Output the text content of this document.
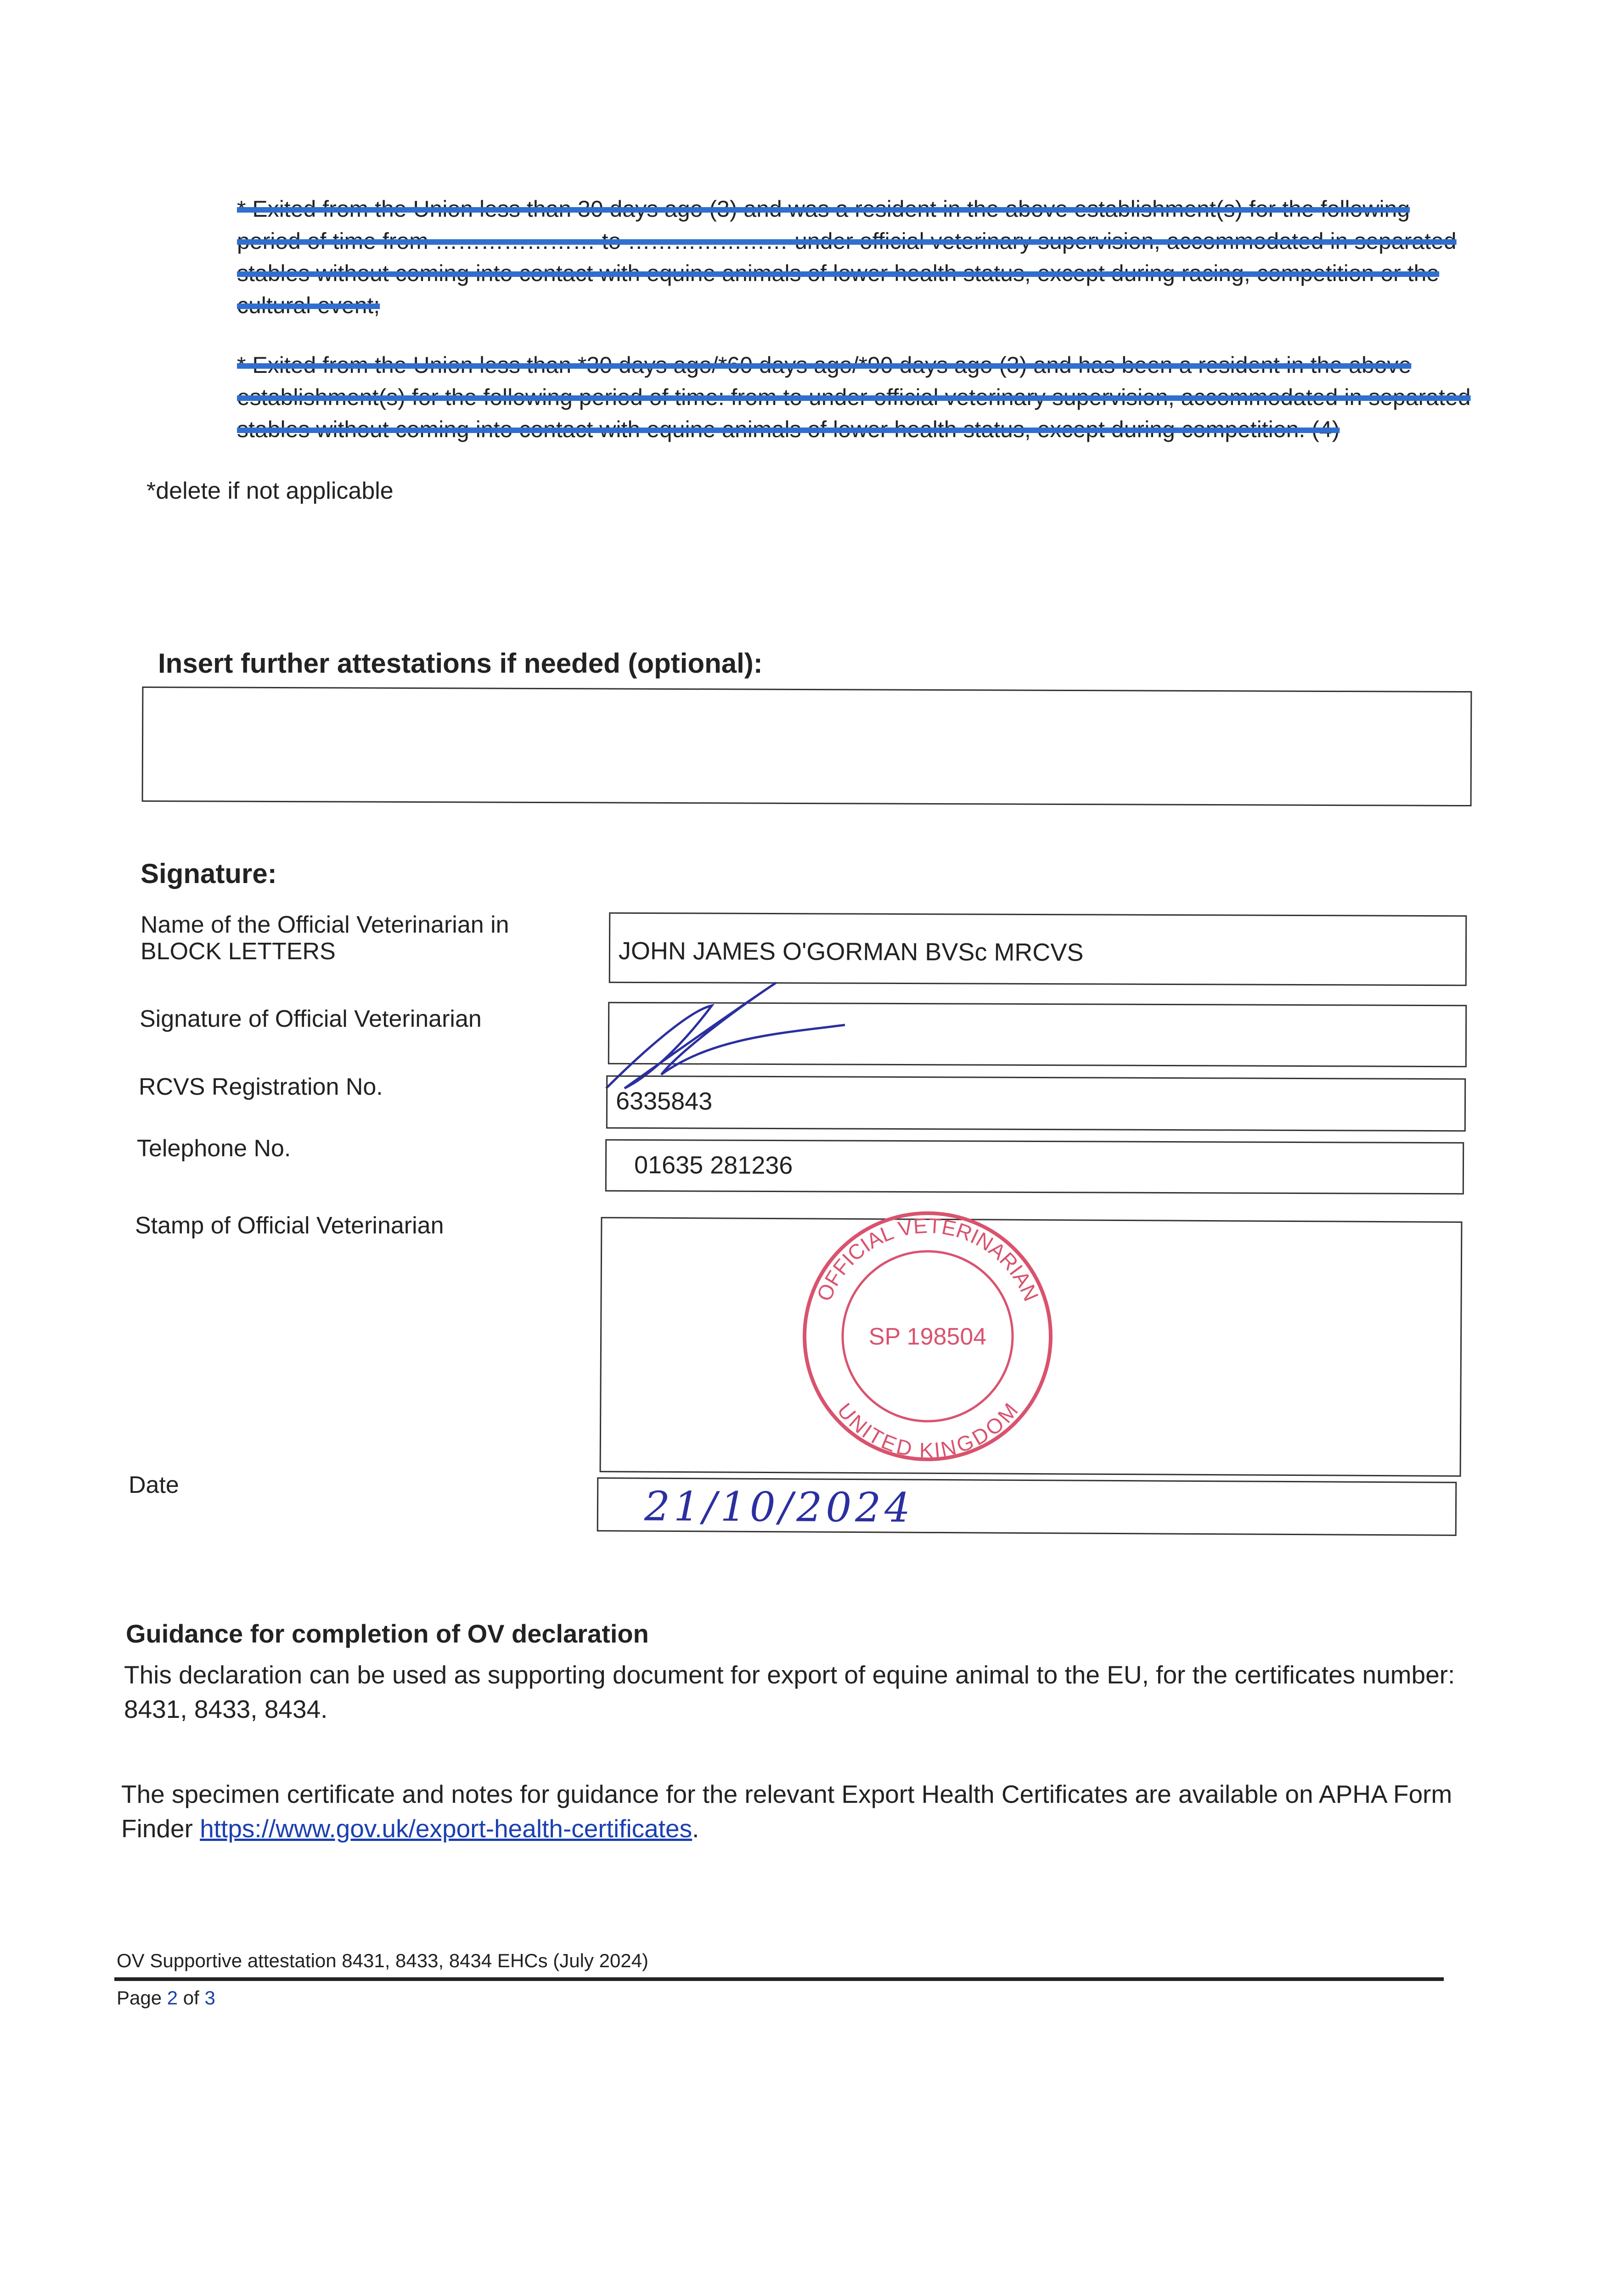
* Exited from the Union less than 30 days ago (3) and was a resident in the above establishment(s) for the following period of time from ………………… to ………………… under official veterinary supervision, accommodated in separated stables without coming into contact with equine animals of lower health status, except during racing, competition or the cultural event;

* Exited from the Union less than *30 days ago/*60 days ago/*90 days ago (3) and has been a resident in the above establishment(s) for the following period of time: from to under official veterinary supervision, accommodated in separated stables without coming into contact with equine animals of lower health status, except during competition. (4)

*delete if not applicable
Insert further attestations if needed (optional):
Signature:
Name of the Official Veterinarian in BLOCK LETTERS	JOHN JAMES O'GORMAN BVSc MRCVS
Signature of Official Veterinarian
RCVS Registration No.
6335843
Telephone No.
01635 281236
Stamp of Official Veterinarian
OFFICIAL VETERINARIAN
UNITED KINGDOM
SP 198504
Date	21/10/2024
Guidance for completion of OV declaration
This declaration can be used as supporting document for export of equine animal to the EU, for the certificates number: 8431, 8433, 8434.
The specimen certificate and notes for guidance for the relevant Export Health Certificates are available on APHA Form Finder https://www.gov.uk/export-health-certificates.
OV Supportive attestation 8431, 8433, 8434 EHCs (July 2024)
Page 2 of 3
